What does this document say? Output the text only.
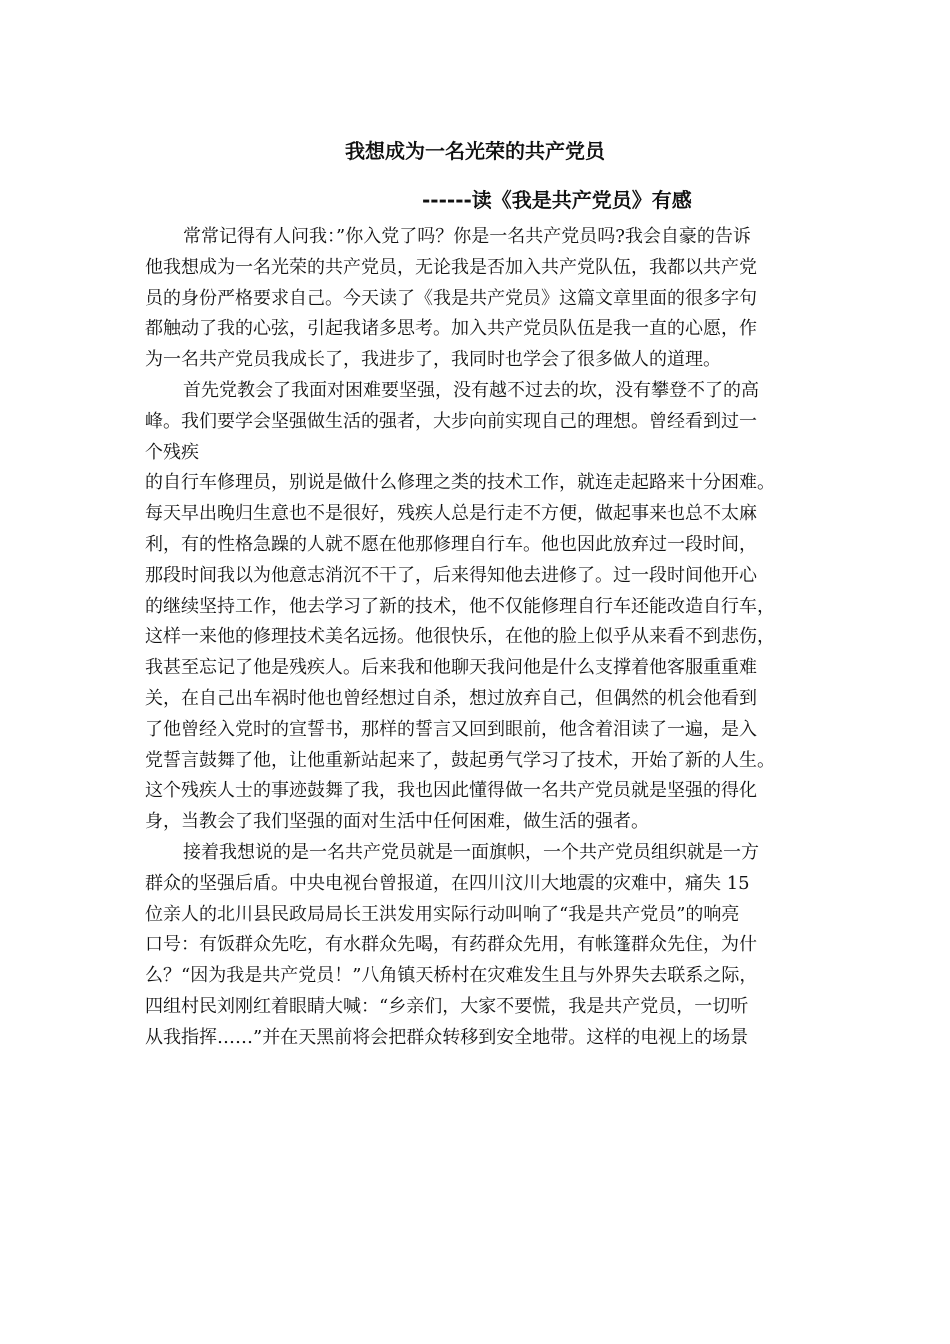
我想成为一名光荣的共产党员
------读《我是共产党员》有感
常常记得有人问我：”你入党了吗？你是一名共产党员吗?我会自豪的告诉
他我想成为一名光荣的共产党员，无论我是否加入共产党队伍，我都以共产党
员的身份严格要求自己。今天读了《我是共产党员》这篇文章里面的很多字句
都触动了我的心弦，引起我诸多思考。加入共产党员队伍是我一直的心愿，作
为一名共产党员我成长了，我进步了，我同时也学会了很多做人的道理。
首先党教会了我面对困难要坚强，没有越不过去的坎，没有攀登不了的高
峰。我们要学会坚强做生活的强者，大步向前实现自己的理想。曾经看到过一
个残疾
的自行车修理员，别说是做什么修理之类的技术工作，就连走起路来十分困难。
每天早出晚归生意也不是很好，残疾人总是行走不方便，做起事来也总不太麻
利，有的性格急躁的人就不愿在他那修理自行车。他也因此放弃过一段时间，
那段时间我以为他意志消沉不干了，后来得知他去进修了。过一段时间他开心
的继续坚持工作，他去学习了新的技术，他不仅能修理自行车还能改造自行车，
这样一来他的修理技术美名远扬。他很快乐，在他的脸上似乎从来看不到悲伤，
我甚至忘记了他是残疾人。后来我和他聊天我问他是什么支撑着他客服重重难
关，在自己出车祸时他也曾经想过自杀，想过放弃自己，但偶然的机会他看到
了他曾经入党时的宣誓书，那样的誓言又回到眼前，他含着泪读了一遍，是入
党誓言鼓舞了他，让他重新站起来了，鼓起勇气学习了技术，开始了新的人生。
这个残疾人士的事迹鼓舞了我，我也因此懂得做一名共产党员就是坚强的得化
身，当教会了我们坚强的面对生活中任何困难，做生活的强者。
接着我想说的是一名共产党员就是一面旗帜，一个共产党员组织就是一方
群众的坚强后盾。中央电视台曾报道，在四川汶川大地震的灾难中，痛失 15
位亲人的北川县民政局局长王洪发用实际行动叫响了“我是共产党员”的响亮
口号：有饭群众先吃，有水群众先喝，有药群众先用，有帐篷群众先住，为什
么？“因为我是共产党员！”八角镇天桥村在灾难发生且与外界失去联系之际，
四组村民刘刚红着眼睛大喊：“乡亲们，大家不要慌，我是共产党员，一切听
从我指挥……”并在天黑前将会把群众转移到安全地带。这样的电视上的场景
